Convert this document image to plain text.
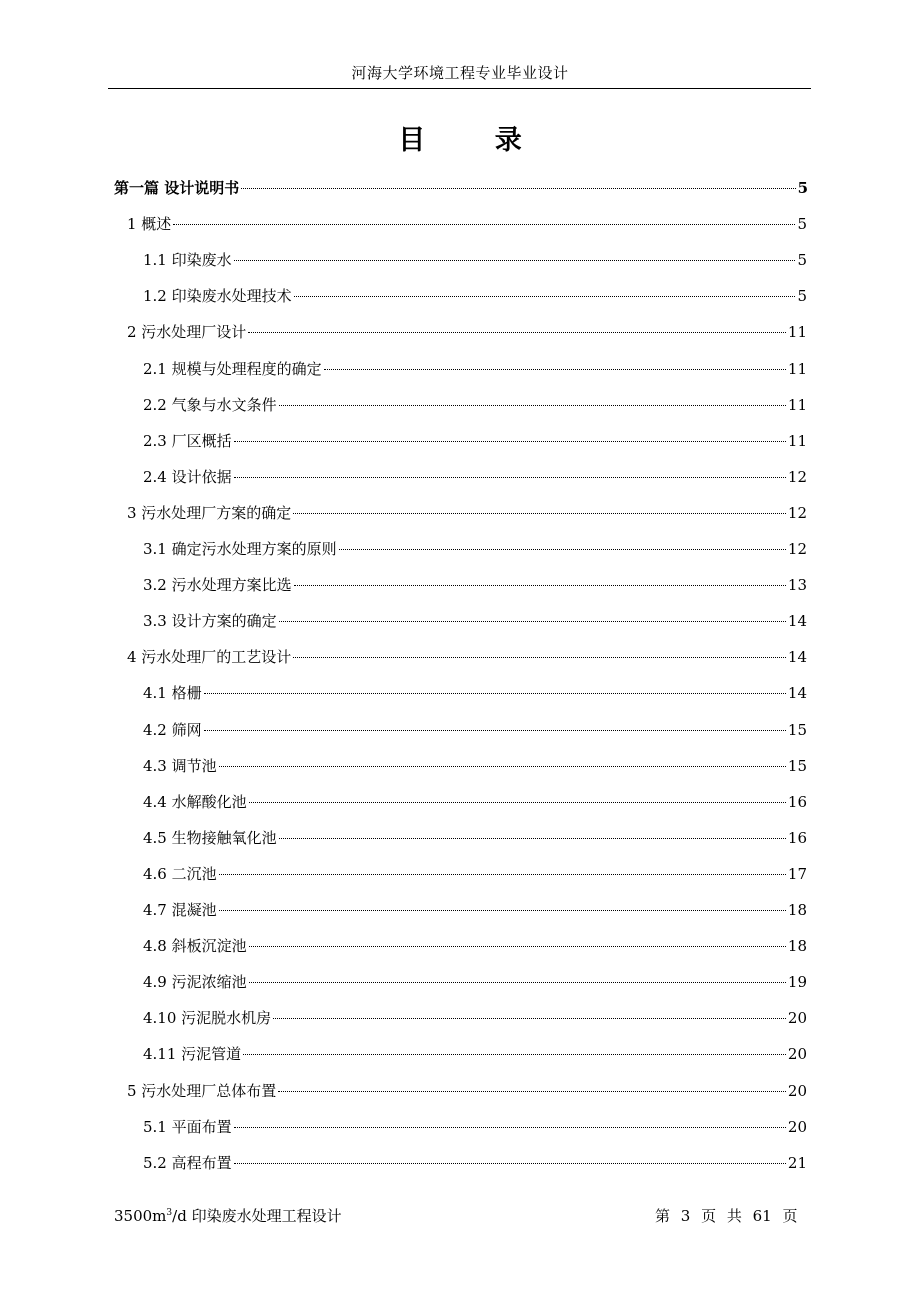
河海大学环境工程专业毕业设计
目 录
第一篇 设计说明书	5
1 概述	5
1.1 印染废水	5
1.2 印染废水处理技术	5
2 污水处理厂设计	11
2.1 规模与处理程度的确定	11
2.2 气象与水文条件	11
2.3 厂区概括	11
2.4 设计依据	12
3 污水处理厂方案的确定	12
3.1 确定污水处理方案的原则	12
3.2 污水处理方案比选	13
3.3 设计方案的确定	14
4 污水处理厂的工艺设计	14
4.1 格栅	14
4.2 筛网	15
4.3 调节池	15
4.4 水解酸化池	16
4.5 生物接触氧化池	16
4.6 二沉池	17
4.7 混凝池	18
4.8 斜板沉淀池	18
4.9 污泥浓缩池	19
4.10 污泥脱水机房	20
4.11 污泥管道	20
5 污水处理厂总体布置	20
5.1 平面布置	20
5.2 高程布置	21
$3500m^3/d$ 印染废水处理工程设计	第 3 页 共 61 页
